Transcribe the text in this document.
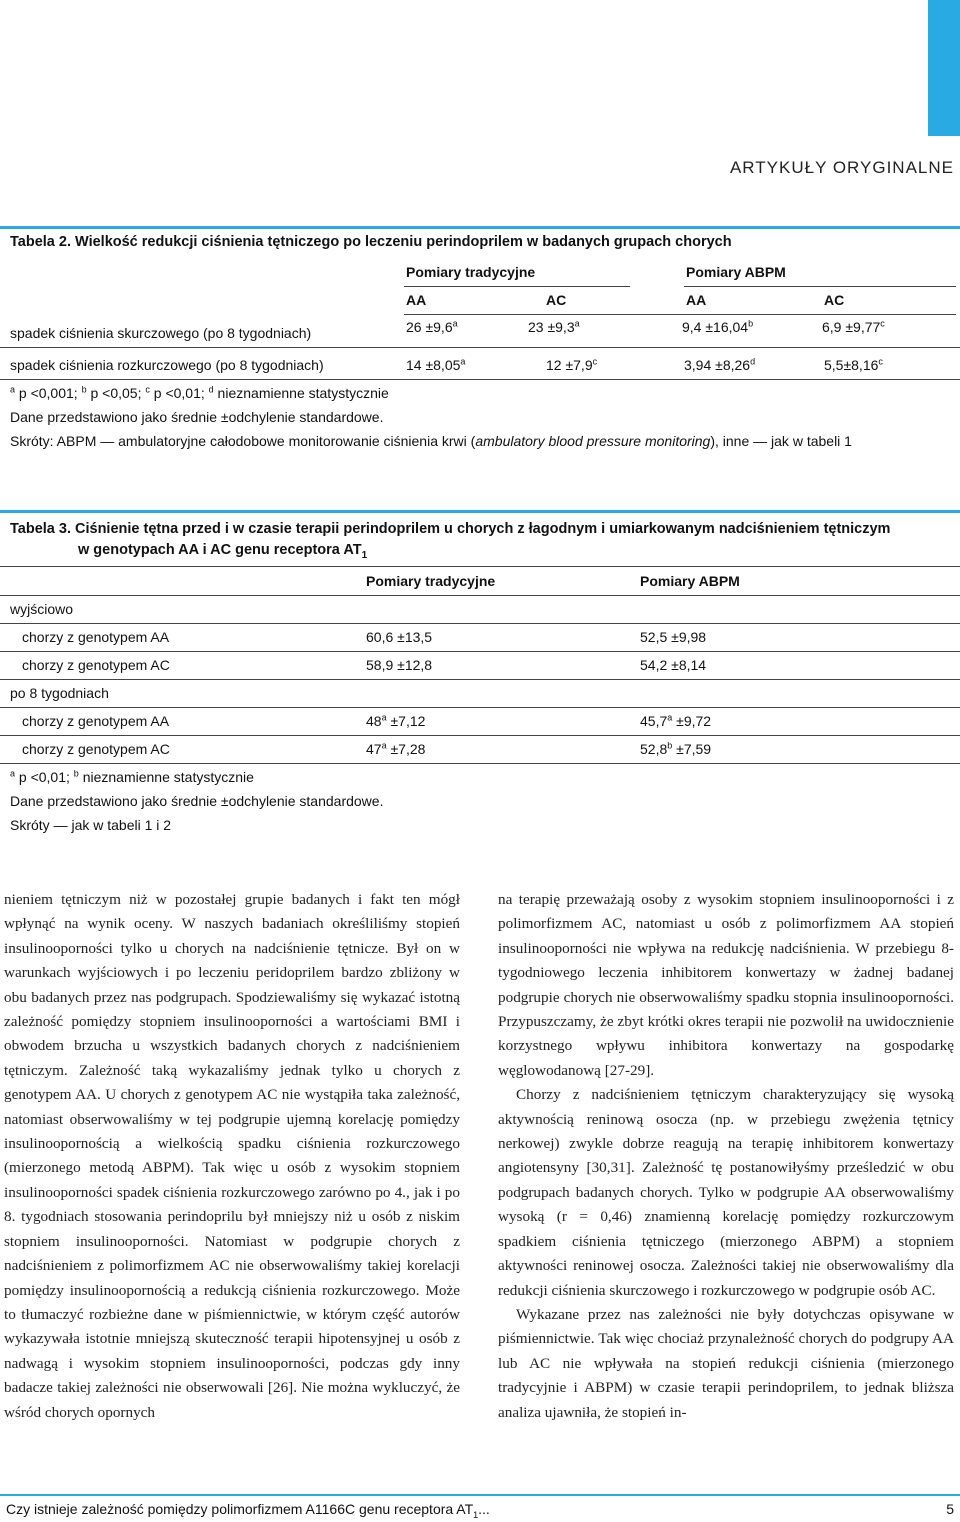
ARTYKUŁY ORYGINALNE
Tabela 2. Wielkość redukcji ciśnienia tętniczego po leczeniu perindoprilem w badanych grupach chorych
Pomiary tradycyjne	Pomiary ABPM
AA	AC	AA	AC
spadek ciśnienia skurczowego (po 8 tygodniach)	26 ±9,6$^a$	23 ±9,3$^a$	9,4 ±16,04$^b$	6,9 ±9,77$^c$
spadek ciśnienia rozkurczowego (po 8 tygodniach)	14 ±8,05$^a$	12 ±7,9$^c$	3,94 ±8,26$^d$	5,5±8,16$^c$
$^a$ p <0,001; $^b$ p <0,05; $^c$ p <0,01; $^d$ nieznamienne statystycznie
Dane przedstawiono jako średnie ±odchylenie standardowe.
Skróty: ABPM — ambulatoryjne całodobowe monitorowanie ciśnienia krwi (ambulatory blood pressure monitoring), inne — jak w tabeli 1
Tabela 3. Ciśnienie tętna przed i w czasie terapii perindoprilem u chorych z łagodnym i umiarkowanym nadciśnieniem tętniczym
w genotypach AA i AC genu receptora $AT_1$
Pomiary tradycyjne	Pomiary ABPM
wyjściowo
chorzy z genotypem AA	60,6 ±13,5	52,5 ±9,98
chorzy z genotypem AC	58,9 ±12,8	54,2 ±8,14
po 8 tygodniach
chorzy z genotypem AA	$48^a \pm 7,12$	45,7$^a$ ±9,72
chorzy z genotypem AC	$47^a \pm 7,28$	52,8$^b$ ±7,59
$^a$ p <0,01; $^b$ nieznamienne statystycznie
Dane przedstawiono jako średnie ±odchylenie standardowe.
Skróty — jak w tabeli 1 i 2

nieniem tętniczym niż w pozostałej grupie badanych i fakt ten mógł wpłynąć na wynik oceny. W naszych badaniach określiliśmy stopień insulinooporności tylko u chorych na nadciśnienie tętnicze. Był on w warunkach wyjściowych i po leczeniu peridoprilem bardzo zbliżony w obu badanych przez nas podgrupach. Spodziewaliśmy się wykazać istotną zależność pomiędzy stopniem insulinooporności a wartościami BMI i obwodem brzucha u wszystkich badanych chorych z nadciśnieniem tętniczym. Zależność taką wykazaliśmy jednak tylko u chorych z genotypem AA. U chorych z genotypem AC nie wystąpiła taka zależność, natomiast obserwowaliśmy w tej podgrupie ujemną korelację pomiędzy insulinoopornością a wielkością spadku ciśnienia rozkurczowego (mierzonego metodą ABPM). Tak więc u osób z wysokim stopniem insulinooporności spadek ciśnienia rozkurczowego zarówno po 4., jak i po 8. tygodniach stosowania perindoprilu był mniejszy niż u osób z niskim stopniem insulinooporności. Natomiast w podgrupie chorych z nadciśnieniem z polimorfizmem AC nie obserwowaliśmy takiej korelacji pomiędzy insulinoopornością a redukcją ciśnienia rozkurczowego. Może to tłumaczyć rozbieżne dane w piśmiennictwie, w którym część autorów wykazywała istotnie mniejszą skuteczność terapii hipotensyjnej u osób z nadwagą i wysokim stopniem insulinooporności, podczas gdy inny badacze takiej zależności nie obserwowali [26]. Nie można wykluczyć, że wśród chorych opornych

na terapię przeważają osoby z wysokim stopniem insulinooporności i z polimorfizmem AC, natomiast u osób z polimorfizmem AA stopień insulinooporności nie wpływa na redukcję nadciśnienia. W przebiegu 8-tygodniowego leczenia inhibitorem konwertazy w żadnej badanej podgrupie chorych nie obserwowaliśmy spadku stopnia insulinooporności. Przypuszczamy, że zbyt krótki okres terapii nie pozwolił na uwidocznienie korzystnego wpływu inhibitora konwertazy na gospodarkę węglowodanową [27-29].

Chorzy z nadciśnieniem tętniczym charakteryzujący się wysoką aktywnością reninową osocza (np. w przebiegu zwężenia tętnicy nerkowej) zwykle dobrze reagują na terapię inhibitorem konwertazy angiotensyny [30,31]. Zależność tę postanowiłyśmy prześledzić w obu podgrupach badanych chorych. Tylko w podgrupie AA obserwowaliśmy wysoką (r = 0,46) znamienną korelację pomiędzy rozkurczowym spadkiem ciśnienia tętniczego (mierzonego ABPM) a stopniem aktywności reninowej osocza. Zależności takiej nie obserwowaliśmy dla redukcji ciśnienia skurczowego i rozkurczowego w podgrupie osób AC.

Wykazane przez nas zależności nie były dotychczas opisywane w piśmiennictwie. Tak więc chociaż przynależność chorych do podgrupy AA lub AC nie wpływała na stopień redukcji ciśnienia (mierzonego tradycyjnie i ABPM) w czasie terapii perindoprilem, to jednak bliższa analiza ujawniła, że stopień in-

Czy istnieje zależność pomiędzy polimorfizmem A1166C genu receptora $AT_1$...	5
